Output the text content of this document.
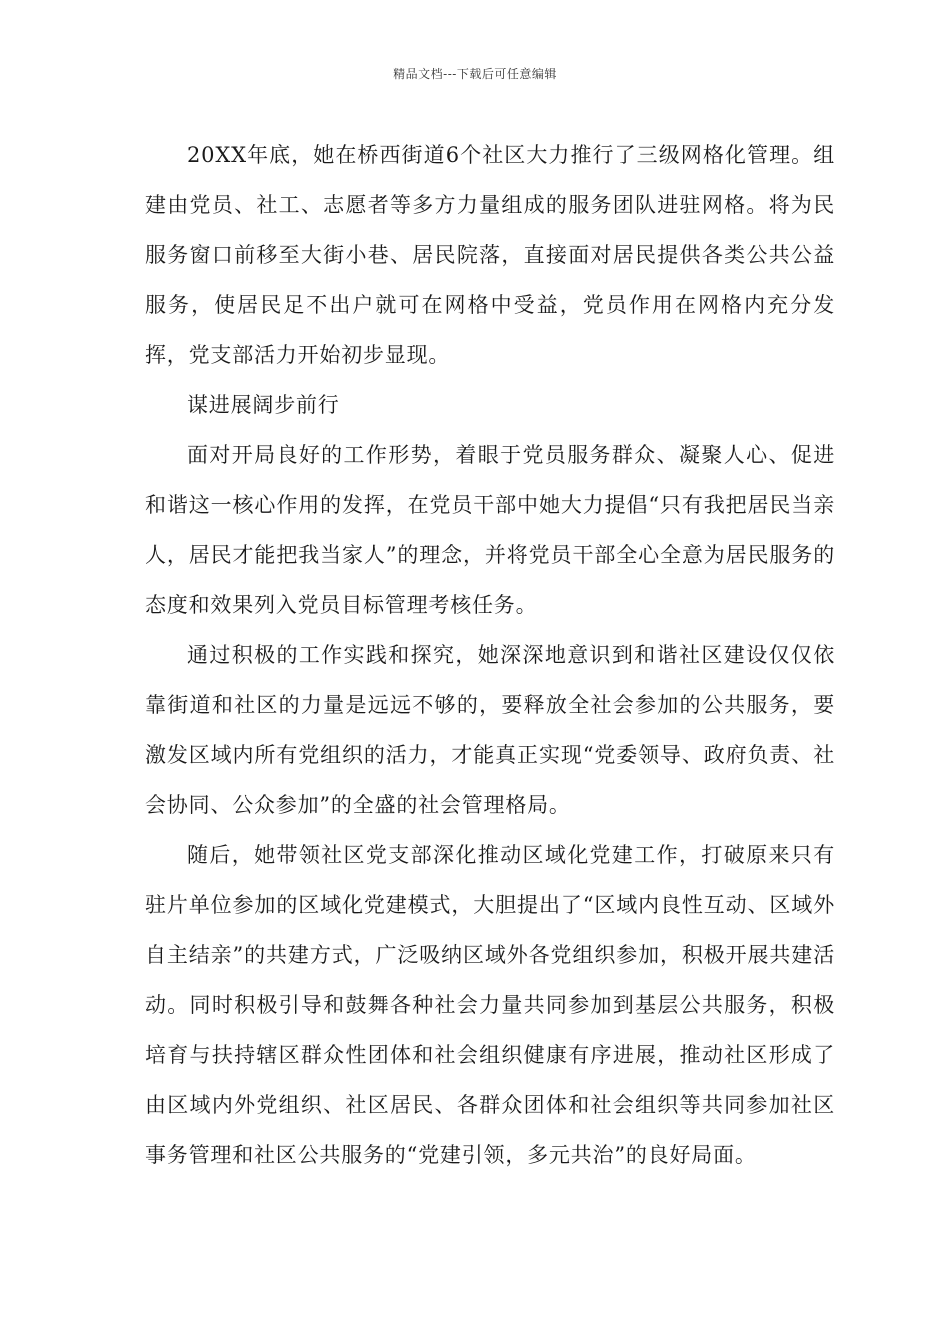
精品文档---下载后可任意编辑

20XX年底，她在桥西街道6个社区大力推行了三级网格化管理。组建由党员、社工、志愿者等多方力量组成的服务团队进驻网格。将为民服务窗口前移至大街小巷、居民院落，直接面对居民提供各类公共公益服务，使居民足不出户就可在网格中受益，党员作用在网格内充分发挥，党支部活力开始初步显现。

谋进展阔步前行

面对开局良好的工作形势，着眼于党员服务群众、凝聚人心、促进和谐这一核心作用的发挥，在党员干部中她大力提倡“只有我把居民当亲人，居民才能把我当家人”的理念，并将党员干部全心全意为居民服务的态度和效果列入党员目标管理考核任务。

通过积极的工作实践和探究，她深深地意识到和谐社区建设仅仅依靠街道和社区的力量是远远不够的，要释放全社会参加的公共服务，要激发区域内所有党组织的活力，才能真正实现“党委领导、政府负责、社会协同、公众参加”的全盛的社会管理格局。

随后，她带领社区党支部深化推动区域化党建工作，打破原来只有驻片单位参加的区域化党建模式，大胆提出了“区域内良性互动、区域外自主结亲”的共建方式，广泛吸纳区域外各党组织参加，积极开展共建活动。同时积极引导和鼓舞各种社会力量共同参加到基层公共服务，积极培育与扶持辖区群众性团体和社会组织健康有序进展，推动社区形成了由区域内外党组织、社区居民、各群众团体和社会组织等共同参加社区事务管理和社区公共服务的“党建引领，多元共治”的良好局面。
